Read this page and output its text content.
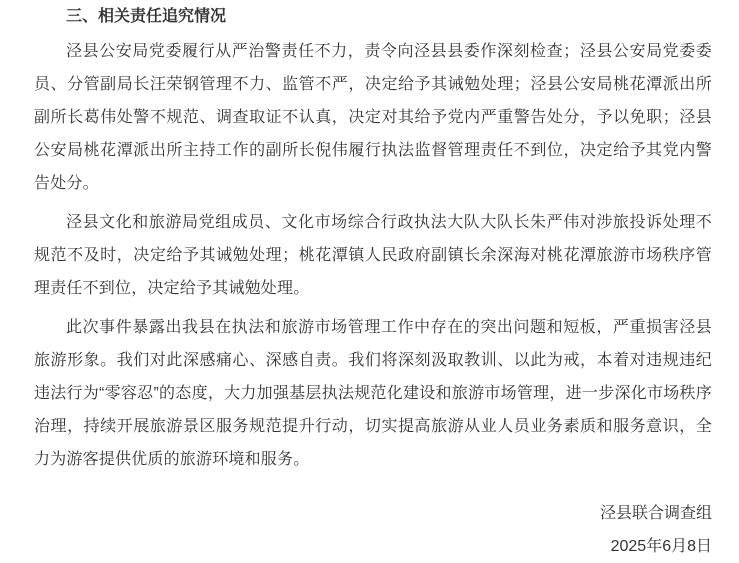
三、相关责任追究情况

泾县公安局党委履行从严治警责任不力，责令向泾县县委作深刻检查；泾县公安局党委委员、分管副局长汪荣钢管理不力、监管不严，决定给予其诫勉处理；泾县公安局桃花潭派出所副所长葛伟处警不规范、调查取证不认真，决定对其给予党内严重警告处分，予以免职；泾县公安局桃花潭派出所主持工作的副所长倪伟履行执法监督管理责任不到位，决定给予其党内警告处分。

泾县文化和旅游局党组成员、文化市场综合行政执法大队大队长朱严伟对涉旅投诉处理不规范不及时，决定给予其诫勉处理；桃花潭镇人民政府副镇长余深海对桃花潭旅游市场秩序管理责任不到位，决定给予其诫勉处理。

此次事件暴露出我县在执法和旅游市场管理工作中存在的突出问题和短板，严重损害泾县旅游形象。我们对此深感痛心、深感自责。我们将深刻汲取教训、以此为戒，本着对违规违纪违法行为“零容忍”的态度，大力加强基层执法规范化建设和旅游市场管理，进一步深化市场秩序治理，持续开展旅游景区服务规范提升行动，切实提高旅游从业人员业务素质和服务意识，全力为游客提供优质的旅游环境和服务。

泾县联合调查组

2025年6月8日
